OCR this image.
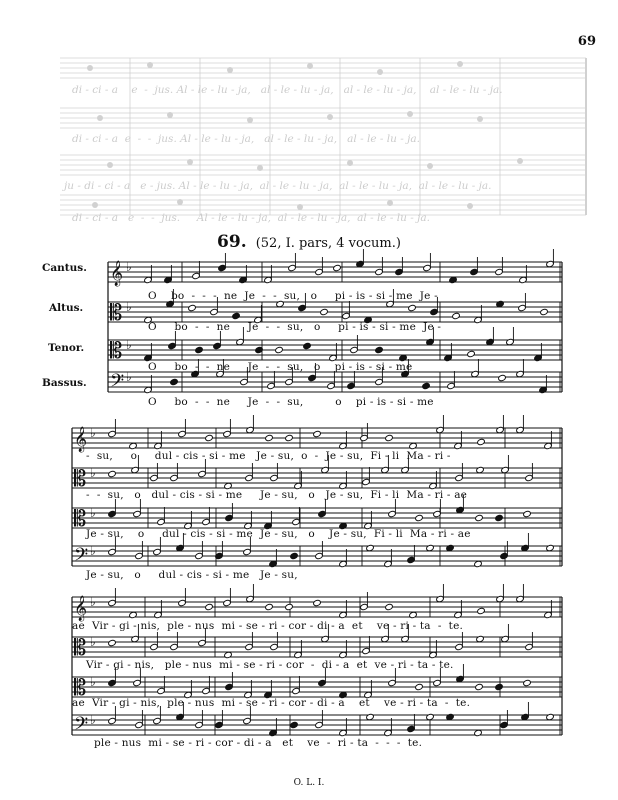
69
di - ci - a    e  -  jus. Al - le - lu - ja,   al - le - lu - ja,   al - le - lu - ja,    al - le - lu - ja.
di - ci - a  e  -  -  jus. Al - le - lu - ja,   al - le - lu - ja,   al - le - lu - ja.
ju - di - ci - a   e - jus. Al - le - lu - ja,  al - le - lu - ja,  al - le - lu - ja,  al - le - lu - ja.
di - ci - a   e  -  -  jus.     Al - le - lu - ja,  al - le - lu - ja,  al - le - lu - ja.
69. (52, I. pars, 4 vocum.)
Cantus.
Altus.
Tenor.
Bassus.
𝄞 ♭
𝄡 ♭
𝄡 ♭
𝄢 ♭
𝄞 ♭
𝄡 ♭
𝄡 ♭
𝄢 ♭
𝄞 ♭
𝄡 ♭
𝄡 ♭
𝄢 ♭
O    bo  -  -  -  ne  Je  -  -  su,   o     pi - is - si - me  Je -
O     bo  -  -  ne     Je  -  -  su,   o     pi - is - si - me  Je -
O     bo  -  -  ne     Je  -  -  su,   o    pi - is - si - me
O     bo  -  -  ne     Je  -  -  su,         o    pi - is - si - me
-  su,     o     dul - cis - si - me   Je - su,  o  -  Je - su,  Fi - li  Ma - ri -
-  -  su,   o   dul - cis - si - me     Je - su,   o   Je - su,  Fi - li  Ma - ri - ae
Je - su,    o     dul - cis - si - me  Je - su,   o    Je - su,  Fi - li  Ma - ri - ae
Je - su,   o     dul - cis - si - me   Je - su,
ae  Vir - gi - nis,  ple - nus  mi - se - ri - cor - di - a  et    ve - ri - ta  -  te.
Vir - gi - nis,   ple - nus  mi - se - ri - cor  -  di - a  et  ve - ri - ta - te.
ae  Vir - gi - nis,  ple - nus  mi - se - ri - cor - di - a    et    ve - ri - ta  -  te.
ple - nus  mi - se - ri - cor - di - a   et    ve  -  ri - ta  -  -  -  te.
O. L. I.
